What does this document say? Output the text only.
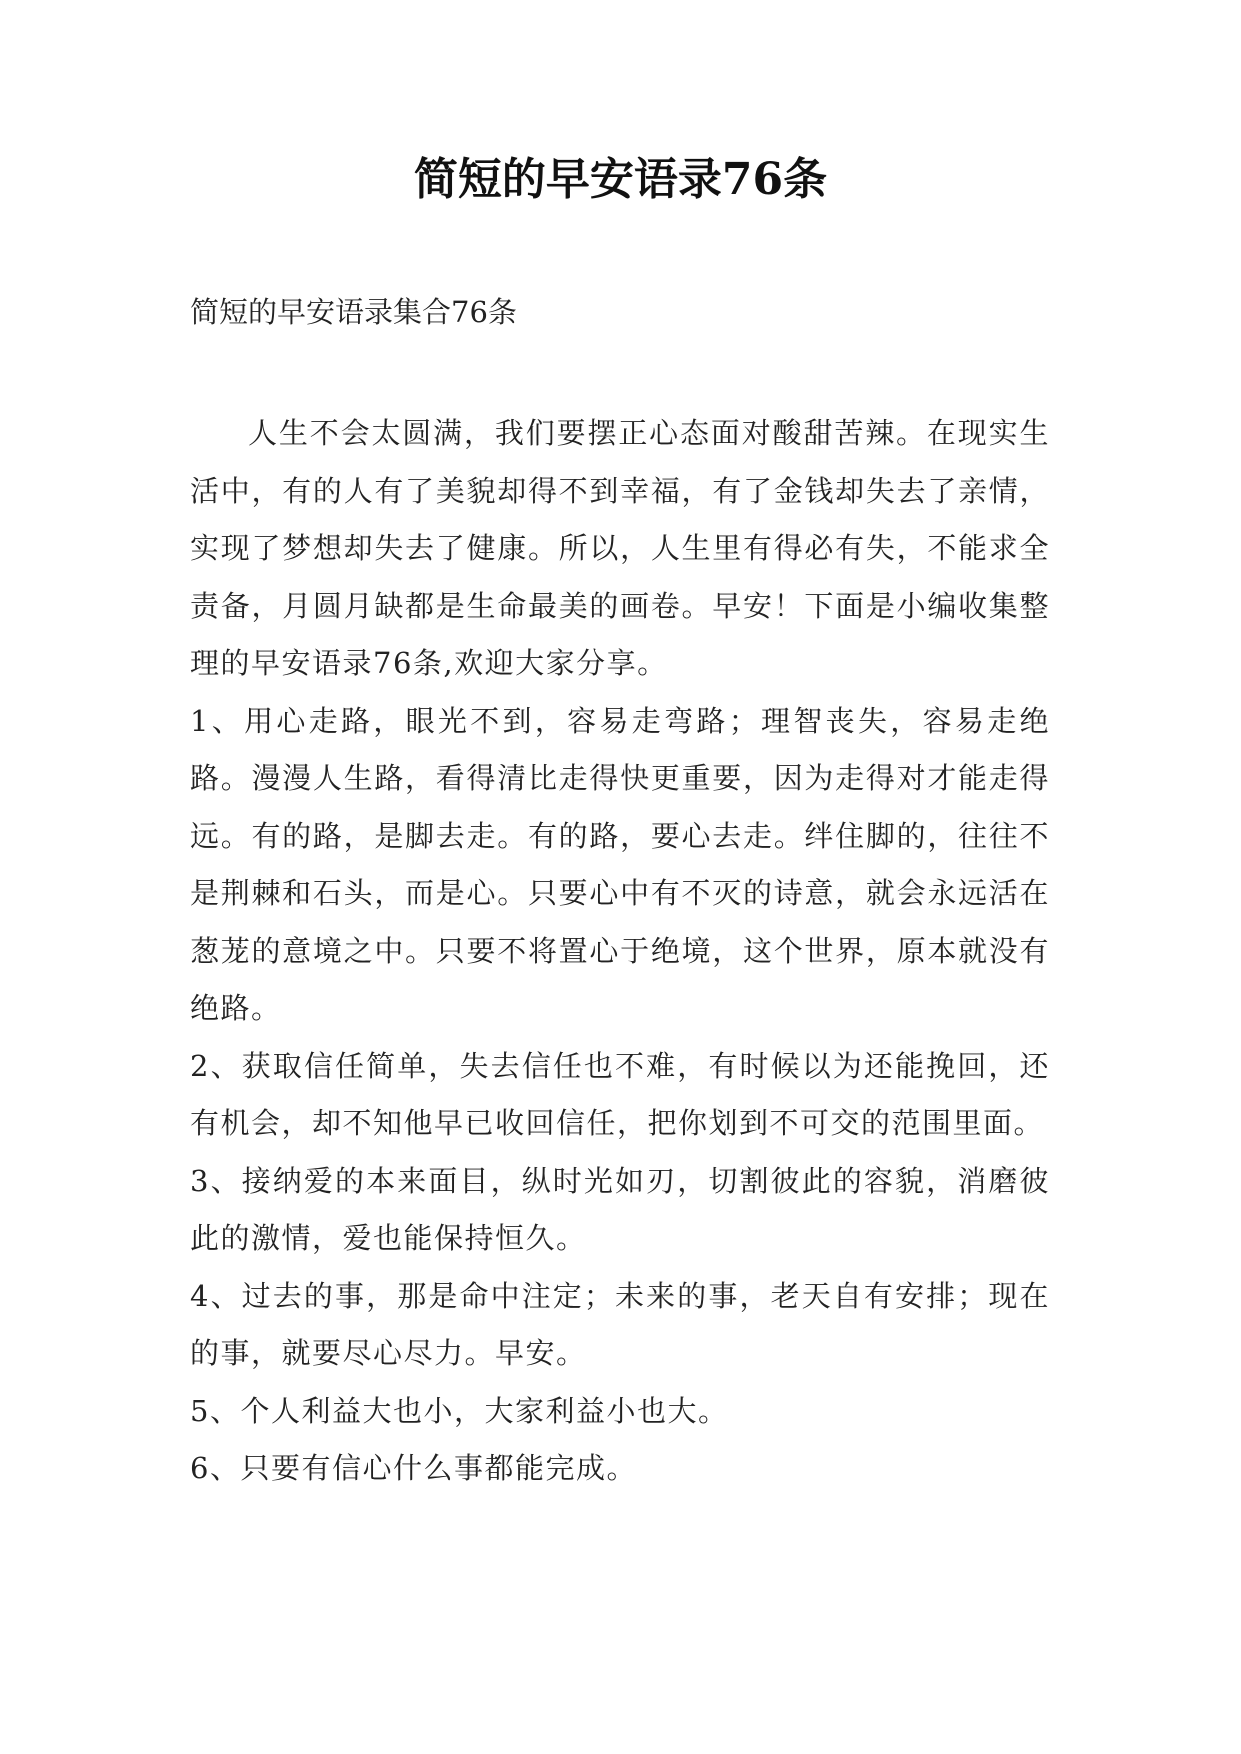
简短的早安语录76条

简短的早安语录集合76条

人生不会太圆满，我们要摆正心态面对酸甜苦辣。在现实生活中，有的人有了美貌却得不到幸福，有了金钱却失去了亲情，实现了梦想却失去了健康。所以，人生里有得必有失，不能求全责备，月圆月缺都是生命最美的画卷。早安！下面是小编收集整理的早安语录76条,欢迎大家分享。

1、用心走路，眼光不到，容易走弯路；理智丧失，容易走绝路。漫漫人生路，看得清比走得快更重要，因为走得对才能走得远。有的路，是脚去走。有的路，要心去走。绊住脚的，往往不是荆棘和石头，而是心。只要心中有不灭的诗意，就会永远活在葱茏的意境之中。只要不将置心于绝境，这个世界，原本就没有绝路。

2、获取信任简单，失去信任也不难，有时候以为还能挽回，还有机会，却不知他早已收回信任，把你划到不可交的范围里面。

3、接纳爱的本来面目，纵时光如刃，切割彼此的容貌，消磨彼此的激情，爱也能保持恒久。

4、过去的事，那是命中注定；未来的事，老天自有安排；现在的事，就要尽心尽力。早安。

5、个人利益大也小，大家利益小也大。

6、只要有信心什么事都能完成。
